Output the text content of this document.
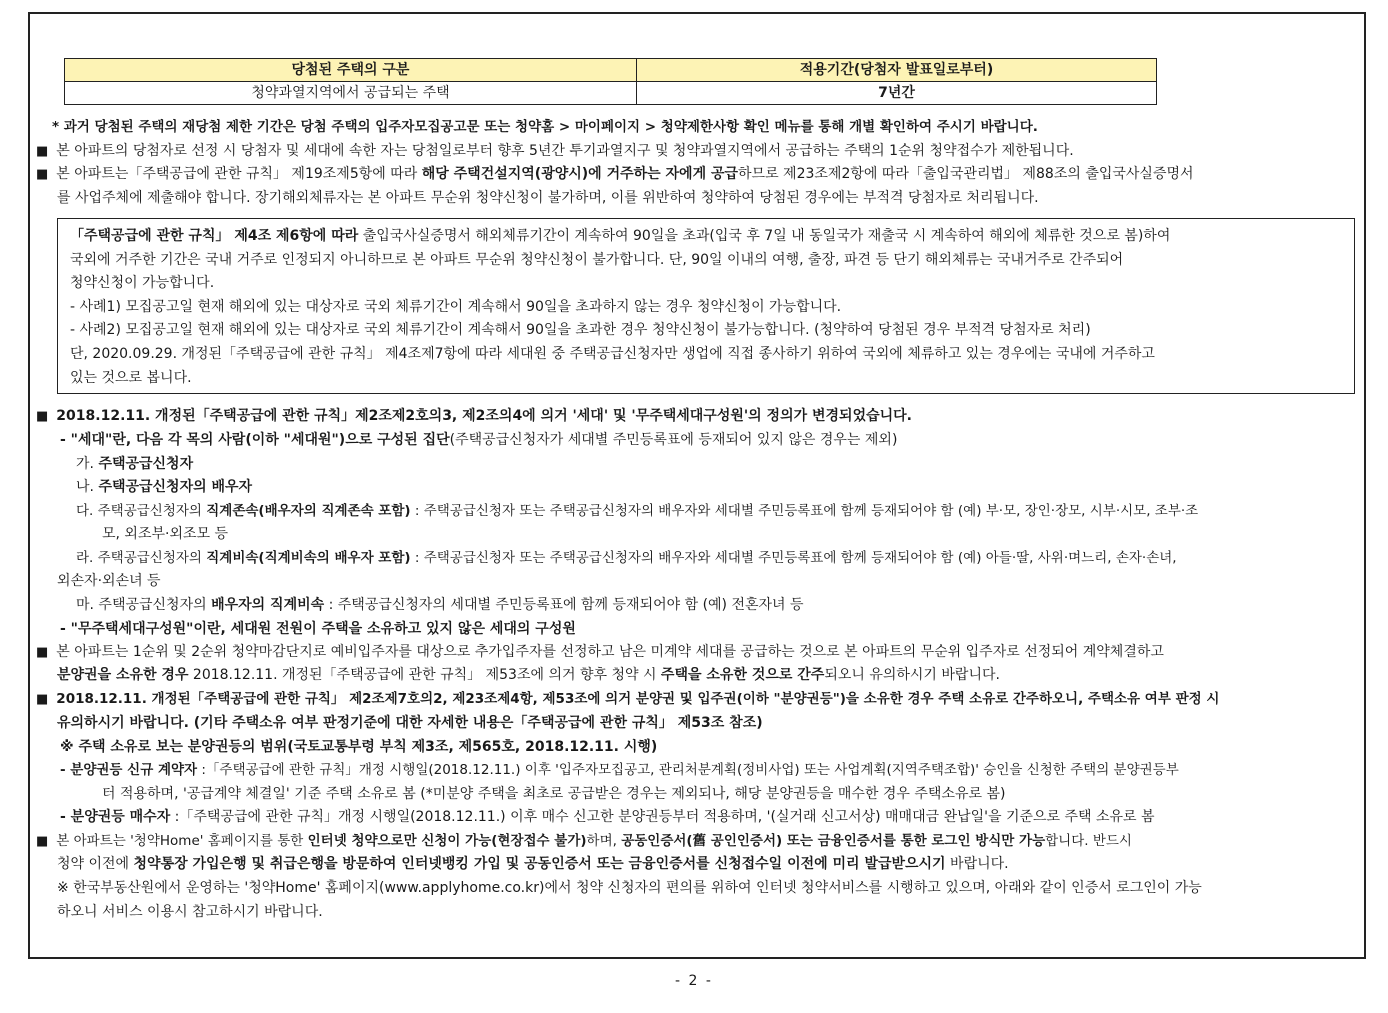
당첨된 주택의 구분	적용기간(당첨자 발표일로부터)
청약과열지역에서 공급되는 주택	7년간
* 과거 당첨된 주택의 재당첨 제한 기간은 당첨 주택의 입주자모집공고문 또는 청약홈 > 마이페이지 > 청약제한사항 확인 메뉴를 통해 개별 확인하여 주시기 바랍니다.
■ 본 아파트의 당첨자로 선정 시 당첨자 및 세대에 속한 자는 당첨일로부터 향후 5년간 투기과열지구 및 청약과열지역에서 공급하는 주택의 1순위 청약접수가 제한됩니다.
■ 본 아파트는「주택공급에 관한 규칙」 제19조제5항에 따라 해당 주택건설지역(광양시)에 거주하는 자에게 공급하므로 제23조제2항에 따라「출입국관리법」 제88조의 출입국사실증명서
를 사업주체에 제출해야 합니다. 장기해외체류자는 본 아파트 무순위 청약신청이 불가하며, 이를 위반하여 청약하여 당첨된 경우에는 부적격 당첨자로 처리됩니다.
「주택공급에 관한 규칙」 제4조 제6항에 따라 출입국사실증명서 해외체류기간이 계속하여 90일을 초과(입국 후 7일 내 동일국가 재출국 시 계속하여 해외에 체류한 것으로 봄)하여
국외에 거주한 기간은 국내 거주로 인정되지 아니하므로 본 아파트 무순위 청약신청이 불가합니다. 단, 90일 이내의 여행, 출장, 파견 등 단기 해외체류는 국내거주로 간주되어
청약신청이 가능합니다.
- 사례1) 모집공고일 현재 해외에 있는 대상자로 국외 체류기간이 계속해서 90일을 초과하지 않는 경우 청약신청이 가능합니다.
- 사례2) 모집공고일 현재 해외에 있는 대상자로 국외 체류기간이 계속해서 90일을 초과한 경우 청약신청이 불가능합니다. (청약하여 당첨된 경우 부적격 당첨자로 처리)
단, 2020.09.29. 개정된「주택공급에 관한 규칙」 제4조제7항에 따라 세대원 중 주택공급신청자만 생업에 직접 종사하기 위하여 국외에 체류하고 있는 경우에는 국내에 거주하고
있는 것으로 봅니다.
■ 2018.12.11. 개정된「주택공급에 관한 규칙」제2조제2호의3, 제2조의4에 의거 '세대' 및 '무주택세대구성원'의 정의가 변경되었습니다.
- "세대"란, 다음 각 목의 사람(이하 "세대원")으로 구성된 집단(주택공급신청자가 세대별 주민등록표에 등재되어 있지 않은 경우는 제외)
가. 주택공급신청자
나. 주택공급신청자의 배우자
다. 주택공급신청자의 직계존속(배우자의 직계존속 포함) : 주택공급신청자 또는 주택공급신청자의 배우자와 세대별 주민등록표에 함께 등재되어야 함 (예) 부·모, 장인·장모, 시부·시모, 조부·조
모, 외조부·외조모 등
라. 주택공급신청자의 직계비속(직계비속의 배우자 포함) : 주택공급신청자 또는 주택공급신청자의 배우자와 세대별 주민등록표에 함께 등재되어야 함 (예) 아들·딸, 사위·며느리, 손자·손녀,
외손자·외손녀 등
마. 주택공급신청자의 배우자의 직계비속 : 주택공급신청자의 세대별 주민등록표에 함께 등재되어야 함 (예) 전혼자녀 등
- "무주택세대구성원"이란, 세대원 전원이 주택을 소유하고 있지 않은 세대의 구성원
■ 본 아파트는 1순위 및 2순위 청약마감단지로 예비입주자를 대상으로 추가입주자를 선정하고 남은 미계약 세대를 공급하는 것으로 본 아파트의 무순위 입주자로 선정되어 계약체결하고
분양권을 소유한 경우 2018.12.11. 개정된「주택공급에 관한 규칙」 제53조에 의거 향후 청약 시 주택을 소유한 것으로 간주되오니 유의하시기 바랍니다.
■ 2018.12.11. 개정된「주택공급에 관한 규칙」 제2조제7호의2, 제23조제4항, 제53조에 의거 분양권 및 입주권(이하 "분양권등")을 소유한 경우 주택 소유로 간주하오니, 주택소유 여부 판정 시
유의하시기 바랍니다. (기타 주택소유 여부 판정기준에 대한 자세한 내용은「주택공급에 관한 규칙」 제53조 참조)
※ 주택 소유로 보는 분양권등의 범위(국토교통부령 부칙 제3조, 제565호, 2018.12.11. 시행)
- 분양권등 신규 계약자 :「주택공급에 관한 규칙」개정 시행일(2018.12.11.) 이후 '입주자모집공고, 관리처분계획(정비사업) 또는 사업계획(지역주택조합)' 승인을 신청한 주택의 분양권등부
터 적용하며, '공급계약 체결일' 기준 주택 소유로 봄 (*미분양 주택을 최초로 공급받은 경우는 제외되나, 해당 분양권등을 매수한 경우 주택소유로 봄)
- 분양권등 매수자 :「주택공급에 관한 규칙」개정 시행일(2018.12.11.) 이후 매수 신고한 분양권등부터 적용하며, '(실거래 신고서상) 매매대금 완납일'을 기준으로 주택 소유로 봄
■ 본 아파트는 '청약Home' 홈페이지를 통한 인터넷 청약으로만 신청이 가능(현장접수 불가)하며, 공동인증서(舊 공인인증서) 또는 금융인증서를 통한 로그인 방식만 가능합니다. 반드시
청약 이전에 청약통장 가입은행 및 취급은행을 방문하여 인터넷뱅킹 가입 및 공동인증서 또는 금융인증서를 신청접수일 이전에 미리 발급받으시기 바랍니다.
※ 한국부동산원에서 운영하는 '청약Home' 홈페이지(www.applyhome.co.kr)에서 청약 신청자의 편의를 위하여 인터넷 청약서비스를 시행하고 있으며, 아래와 같이 인증서 로그인이 가능
하오니 서비스 이용시 참고하시기 바랍니다.
- 2 -
